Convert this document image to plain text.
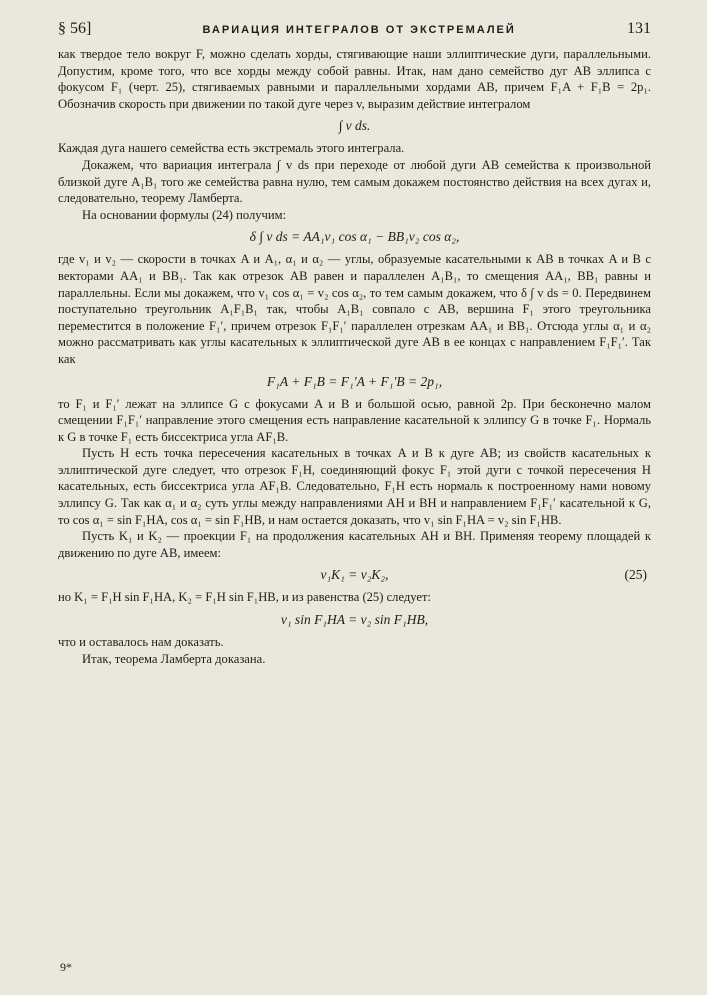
§ 56]	ВАРИАЦИЯ ИНТЕГРАЛОВ ОТ ЭКСТРЕМАЛЕЙ	131

как твердое тело вокруг F, можно сделать хорды, стягивающие наши эллиптические дуги, параллельными. Допустим, кроме того, что все хорды между собой равны. Итак, нам дано семейство дуг AB эллипса с фокусом F₁ (черт. 25), стягиваемых равными и параллельными хордами AB, причем F₁A + F₁B = 2p₁. Обозначив скорость при движении по такой дуге через v, выразим действие интегралом

∫ v ds.

Каждая дуга нашего семейства есть экстремаль этого интеграла.

Докажем, что вариация интеграла ∫ v ds при переходе от любой дуги AB семейства к произвольной близкой дуге A₁B₁ того же семейства равна нулю, тем самым докажем постоянство действия на всех дугах и, следовательно, теорему Ламберта.

На основании формулы (24) получим:

δ ∫ v ds = AA₁v₁ cos α₁ − BB₁v₂ cos α₂,

где v₁ и v₂ — скорости в точках A и A₁, α₁ и α₂ — углы, образуемые касательными к AB в точках A и B с векторами AA₁ и BB₁. Так как отрезок AB равен и параллелен A₁B₁, то смещения AA₁, BB₁ равны и параллельны. Если мы докажем, что v₁ cos α₁ = v₂ cos α₂, то тем самым докажем, что δ ∫ v ds = 0. Передвинем поступательно треугольник A₁F₁B₁ так, чтобы A₁B₁ совпало с AB, вершина F₁ этого треугольника переместится в положение F₁′, причем отрезок F₁F₁′ параллелен отрезкам AA₁ и BB₁. Отсюда углы α₁ и α₂ можно рассматривать как углы касательных к эллиптической дуге AB в ее концах с направлением F₁F₁′. Так как

F₁A + F₁B = F₁′A + F₁′B = 2p₁,

то F₁ и F₁′ лежат на эллипсе G с фокусами A и B и большой осью, равной 2p. При бесконечно малом смещении F₁F₁′ направление этого смещения есть направление касательной к эллипсу G в точке F₁. Нормаль к G в точке F₁ есть биссектриса угла AF₁B.

Пусть H есть точка пересечения касательных в точках A и B к дуге AB; из свойств касательных к эллиптической дуге следует, что отрезок F₁H, соединяющий фокус F₁ этой дуги с точкой пересечения H касательных, есть биссектриса угла AF₁B. Следовательно, F₁H есть нормаль к построенному нами новому эллипсу G. Так как α₁ и α₂ суть углы между направлениями AH и BH и направлением F₁F₁′ касательной к G, то cos α₁ = sin F₁HA, cos α₁ = sin F₁HB, и нам остается доказать, что v₁ sin F₁HA = v₂ sin F₁HB.

Пусть K₁ и K₂ — проекции F₁ на продолжения касательных AH и BH. Применяя теорему площадей к движению по дуге AB, имеем:

v₁K₁ = v₂K₂,	(25)

но K₁ = F₁H sin F₁HA, K₂ = F₁H sin F₁HB, и из равенства (25) следует:

v₁ sin F₁HA = v₂ sin F₁HB,

что и оставалось нам доказать.

Итак, теорема Ламберта доказана.

9*
